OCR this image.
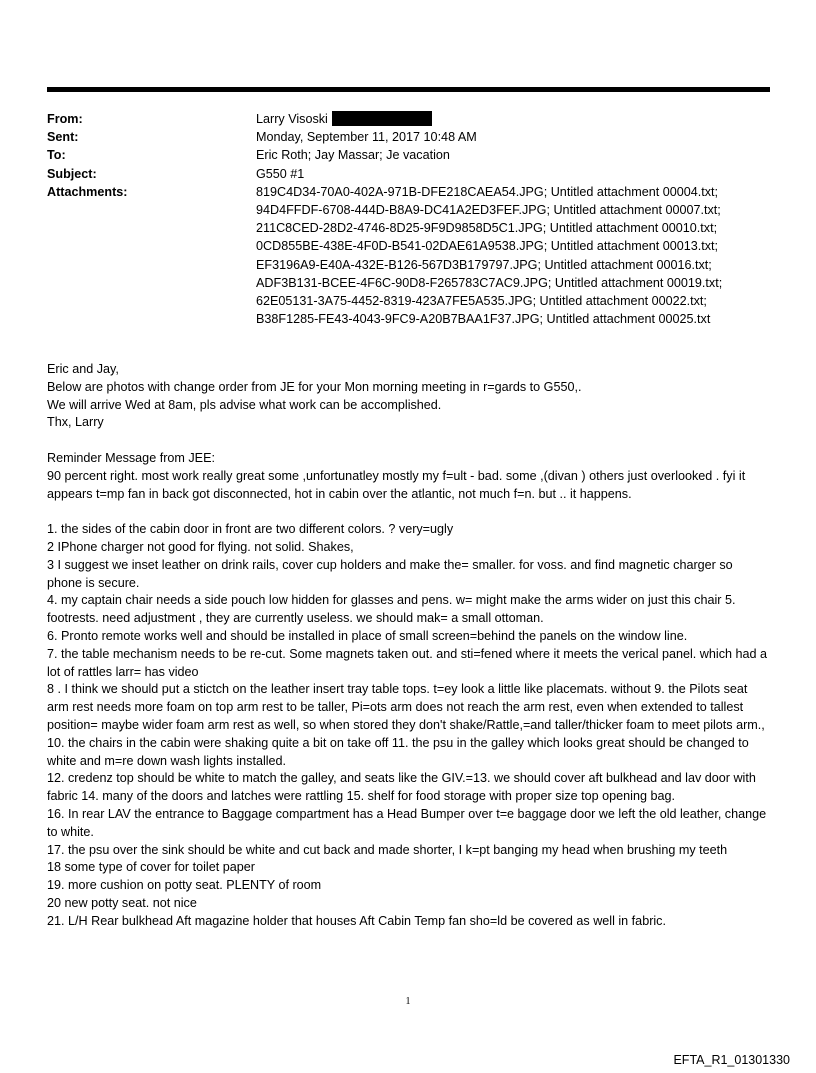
From:	Larry Visoski
Sent:	Monday, September 11, 2017 10:48 AM
To:	Eric Roth; Jay Massar; Je vacation
Subject:	G550 #1
Attachments:	819C4D34-70A0-402A-971B-DFE218CAEA54.JPG; Untitled attachment 00004.txt;
94D4FFDF-6708-444D-B8A9-DC41A2ED3FEF.JPG; Untitled attachment 00007.txt;
211C8CED-28D2-4746-8D25-9F9D9858D5C1.JPG; Untitled attachment 00010.txt;
0CD855BE-438E-4F0D-B541-02DAE61A9538.JPG; Untitled attachment 00013.txt;
EF3196A9-E40A-432E-B126-567D3B179797.JPG; Untitled attachment 00016.txt;
ADF3B131-BCEE-4F6C-90D8-F265783C7AC9.JPG; Untitled attachment 00019.txt;
62E05131-3A75-4452-8319-423A7FE5A535.JPG; Untitled attachment 00022.txt;
B38F1285-FE43-4043-9FC9-A20B7BAA1F37.JPG; Untitled attachment 00025.txt

Eric and Jay,

Below are photos with change order from JE for your Mon morning meeting in r=gards to G550,.

We will arrive Wed at 8am, pls advise what work can be accomplished.

Thx, Larry

Reminder Message from JEE:

90 percent right. most work really great some ,unfortunatley mostly my f=ult - bad. some ,(divan ) others just overlooked . fyi it appears t=mp fan in back got disconnected, hot in cabin over the atlantic, not much f=n. but .. it happens.

1. the sides of the cabin door in front are two different colors. ? very=ugly

2 IPhone charger not good for flying. not solid. Shakes,

3 I suggest we inset leather on drink rails, cover cup holders and make the= smaller. for voss. and find magnetic charger so phone is secure.

4. my captain chair needs a side pouch low hidden for glasses and pens. w= might make the arms wider on just this chair 5. footrests. need adjustment , they are currently useless. we should mak= a small ottoman.

6. Pronto remote works well and should be installed in place of small screen=behind the panels on the window line.

7. the table mechanism needs to be re-cut. Some magnets taken out. and sti=fened where it meets the verical panel. which had a lot of rattles larr= has video

8 . I think we should put a stictch on the leather insert tray table tops. t=ey look a little like placemats. without 9. the Pilots seat arm rest needs more foam on top arm rest to be taller, Pi=ots arm does not reach the arm rest, even when extended to tallest position= maybe wider foam arm rest as well, so when stored they don't shake/Rattle,=and taller/thicker foam to meet pilots arm., 10. the chairs in the cabin were shaking quite a bit on take off 11. the psu in the galley which looks great should be changed to white and m=re down wash lights installed.

12. credenz top should be white to match the galley, and seats like the GIV.=13. we should cover aft bulkhead and lav door with fabric 14. many of the doors and latches were rattling 15. shelf for food storage with proper size top opening bag.

16. In rear LAV the entrance to Baggage compartment has a Head Bumper over t=e baggage door we left the old leather, change to white.

17. the psu over the sink should be white and cut back and made shorter, I k=pt banging my head when brushing my teeth

18 some type of cover for toilet paper

19. more cushion on potty seat. PLENTY of room

20 new potty seat. not nice

21. L/H Rear bulkhead Aft magazine holder that houses Aft Cabin Temp fan sho=ld be covered as well in fabric.

1
EFTA_R1_01301330
